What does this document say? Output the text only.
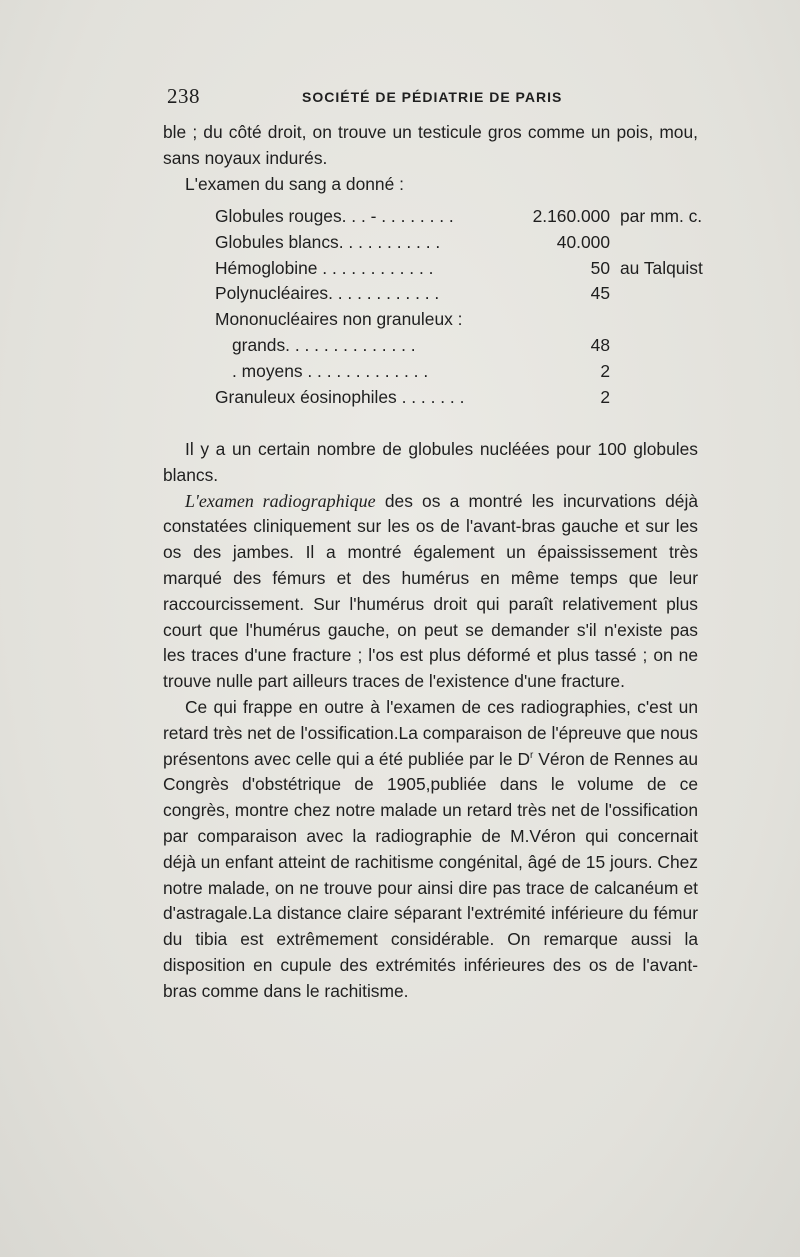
238	SOCIÉTÉ DE PÉDIATRIE DE PARIS

ble ; du côté droit, on trouve un testicule gros comme un pois, mou, sans noyaux indurés.

L'examen du sang a donné :

Globules rouges. . . - . . . . . . . .	2.160.000 par mm. c.
Globules blancs. . . . . . . . . . .	40.000
Hémoglobine . . . . . . . . . . . .	50 au Talquist
Polynucléaires. . . . . . . . . . . .	45
Mononucléaires non granuleux :
grands. . . . . . . . . . . . . .	48
. moyens . . . . . . . . . . . . .	2
Granuleux éosinophiles . . . . . . .	2

Il y a un certain nombre de globules nucléées pour 100 globules blancs.

L'examen radiographique des os a montré les incurvations déjà constatées cliniquement sur les os de l'avant-bras gauche et sur les os des jambes. Il a montré également un épaississement très marqué des fémurs et des humérus en même temps que leur raccourcissement. Sur l'humérus droit qui paraît relativement plus court que l'humérus gauche, on peut se demander s'il n'existe pas les traces d'une fracture ; l'os est plus déformé et plus tassé ; on ne trouve nulle part ailleurs traces de l'existence d'une fracture.

Ce qui frappe en outre à l'examen de ces radiographies, c'est un retard très net de l'ossification.La comparaison de l'épreuve que nous présentons avec celle qui a été publiée par le $D^r$ Véron de Rennes au Congrès d'obstétrique de 1905,publiée dans le volume de ce congrès, montre chez notre malade un retard très net de l'ossification par comparaison avec la radiographie de M.Véron qui concernait déjà un enfant atteint de rachitisme congénital, âgé de 15 jours. Chez notre malade, on ne trouve pour ainsi dire pas trace de calcanéum et d'astragale.La distance claire séparant l'extrémité inférieure du fémur du tibia est extrêmement considérable. On remarque aussi la disposition en cupule des extrémités inférieures des os de l'avant-bras comme dans le rachitisme.
